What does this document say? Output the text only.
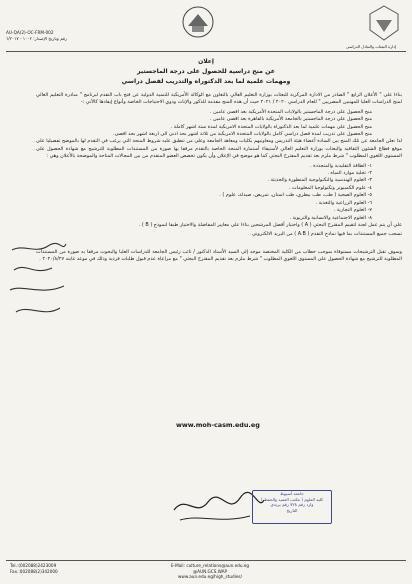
AU-QA(2)-OC-FRM-002
رقم وتاريخ الإصدار: ١٠٠٢ - ٦/٢٠١٧
إدارة البعثات والتبادل الدراسى
إعلان
عن منح دراسية للحصول على درجة الماجستير
ومهمات علمية لما بعد الدكتوراه والتدريب لفصل دراسي

بناءا على " الأعلان الرابع " الصادر من الادارة المركزية للبعثات بوزارة التعليم العالي بالتعاون مع الوكالة الأمريكية للتنمية الدولية عن فتح باب التقدم لبرنامج " مبادرة التعليم العالي لمنح الدراسات العليا للمهنيين المصريين " للعام الدراسي ٢٠٢٠ / ٢٠٢١ حيث أن هذه المنح مقدمة للذكور والإناث وذوي الاحتياجات الخاصة وأنواع إيفادها كالآتي :-

منح الحصول على درجة الماجستير بالولايات المتحدة الأمريكية بعد اقصى عامين .
منح الحصول على درجة الماجستير بالجامعة الأمريكية بالقاهرة بعد اقصى عامين .
منح الحصول على مهمات علمية لما بعد الدكتوراة بالولايات المتحدة الامريكية لمدة ستة اشهر كاملة .
منح الحصول على تدريب لمدة فصل دراسي كامل بالولايات المتحدة الامريكية من ثلاثة اشهر بحد ادنى الى اربعة اشهر بحد اقصى.

لذا تعلن الجامعة عن تلك المنح بين السادة أعضاء هيئة التدريس ومعاونيهم بكليات ومعاهد الجامعة وعلى من تنطبق عليه شروط المنحة التي يرغب في التقدم لها بالموضح تفصيليا على موقع قطاع الشئون الثقافية والبعثات بوزارة التعليم العالي لأستيفاء أستمارة المنحة الخاصة بالتقدم مرفقا بها صورة من المستندات المطلوبة للترشيح مع شهادة الحصول على المستوى اللغوي المطلوب " شرط ملزم بعد تقديم المقترح البحثي كما هو موضح في الإعلان وأن يكون تخصص العضو المتقدم من بين المجالات المتاحة والموضحة بالأعلان وهي :

١- الطاقة التقليدية والمتجددة .
٢- تحلية موارد المياه .
٣- العلوم الهندسية والتكنولوجية المتطورة والحديثة .
٤- علوم الكمبيوتر وتكنولوجيا المعلومات .
٥- العلوم الصحية ( طب، طب بيطري، طب اسنان، تمريض، صيدلة، علوم ) .
٦- العلوم الزراعية والتغذية .
٧- العلوم التجارية .
٨- العلوم الاجتماعية والانسانية والتربوية .

علي أن يتم عمل لجنة لتقييم المقترح البحثي ( A ) واختيار أفضل المرشحين بناءا على معايير المفاضلة والاختيار طبقا لنموذج ( B ) .

تسحب جميع المستندات بما فيها نماذج التقدم ( A.B ) من البريد الالكتروني

وسوف تقبل الترشيحات مستوفاة بموجب خطاب من الكلية المختصة موجه إلى السيد الأستاذ الدكتور / نائب رئيس الجامعة للدراسات العليا والبحوث مرفقا به صورة من المستندات المطلوبة للترشيح مع شهادة الحصول على المستوى اللغوي المطلوب " شرط ملزم بعد تقديم المقترح البحثي " مع مراعاة عدم قبول طلبات فردية وذلك في موعد غايته ٢٠٢٠/٨/٢٧ .

www.moh-casm.edu.eg
جامعة أسيوط
كلية العلوم ( مكتب العميد والحفظ )
وارد رقم ٧٢٨ رقم بريدي
التاريخ
Tel.:(002088)2423009
Fax.:002088(2)342000
E-Mail: culture_relations@aun.edu.eg
@AUN.GCS.WAP
www.aun.edu.eg/high_studies/
